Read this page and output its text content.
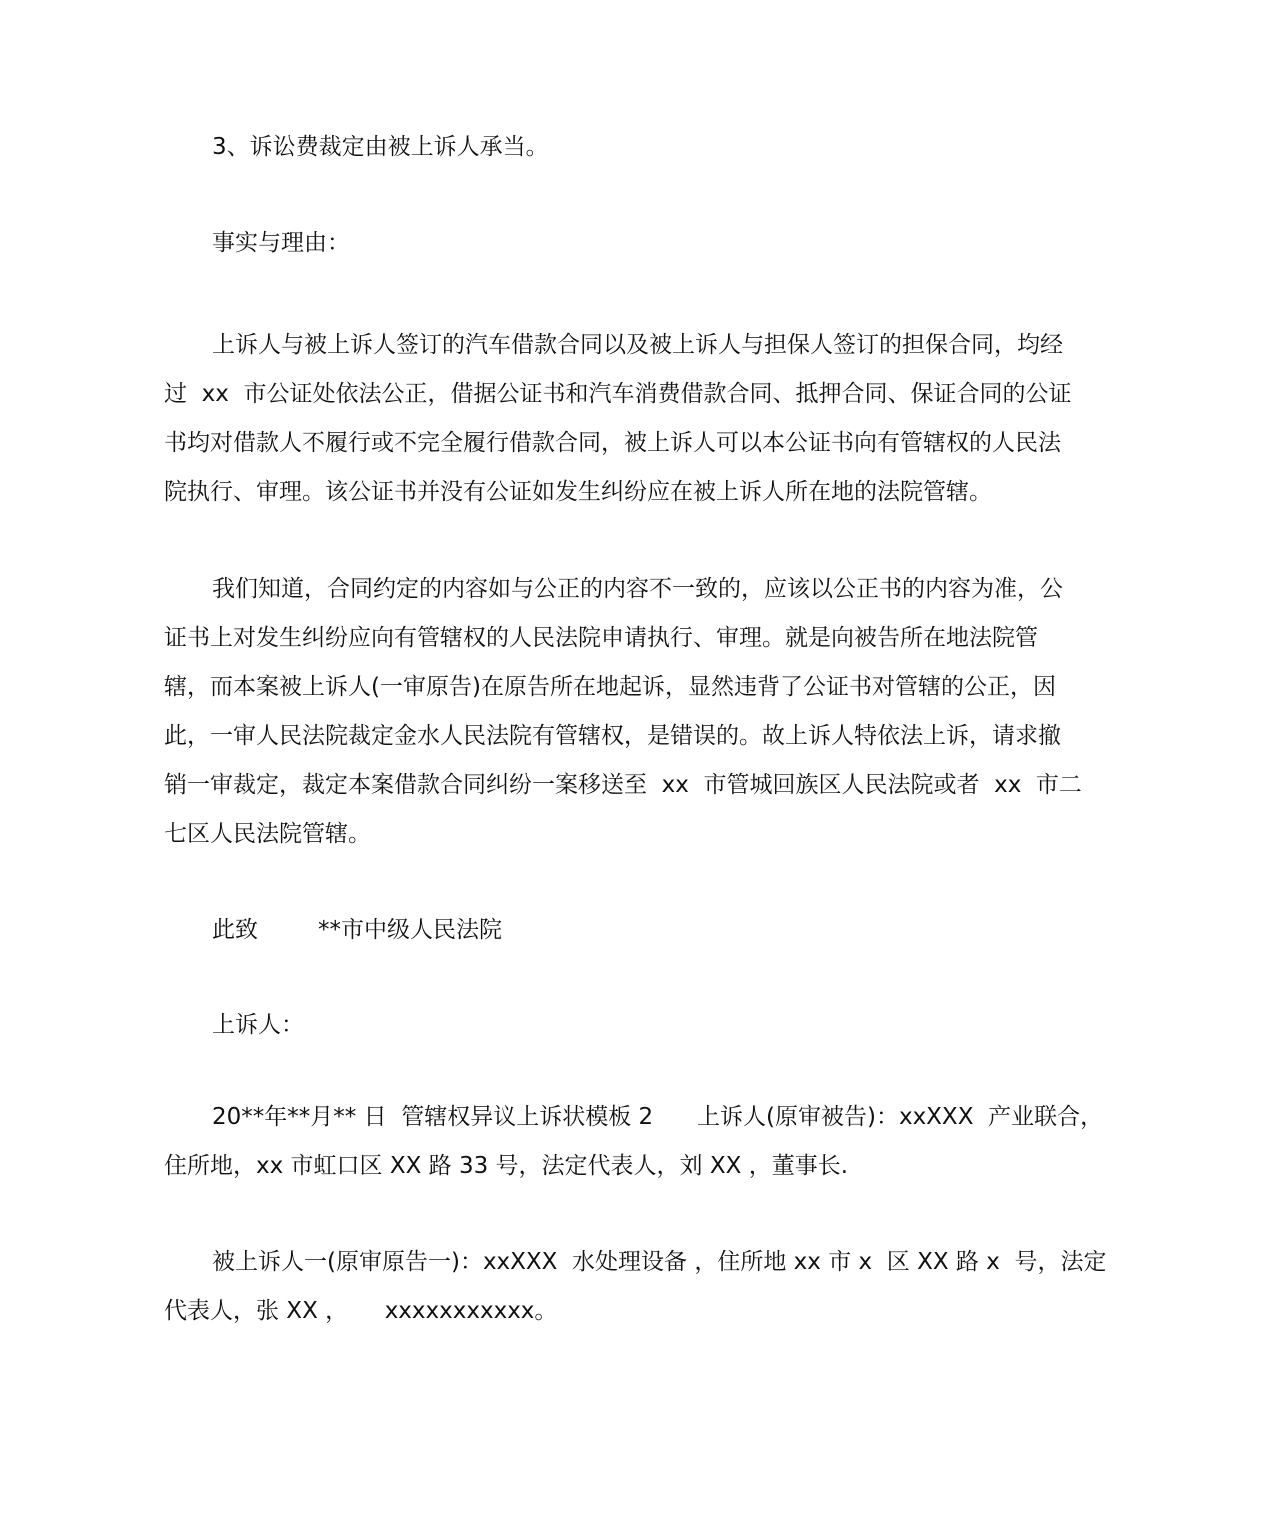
3、诉讼费裁定由被上诉人承当。
事实与理由：
上诉人与被上诉人签订的汽车借款合同以及被上诉人与担保人签订的担保合同，均经
过  xx  市公证处依法公正，借据公证书和汽车消费借款合同、抵押合同、保证合同的公证
书均对借款人不履行或不完全履行借款合同，被上诉人可以本公证书向有管辖权的人民法
院执行、审理。该公证书并没有公证如发生纠纷应在被上诉人所在地的法院管辖。
我们知道，合同约定的内容如与公正的内容不一致的，应该以公正书的内容为准，公
证书上对发生纠纷应向有管辖权的人民法院申请执行、审理。就是向被告所在地法院管
辖，而本案被上诉人(一审原告)在原告所在地起诉，显然违背了公证书对管辖的公正，因
此，一审人民法院裁定金水人民法院有管辖权，是错误的。故上诉人特依法上诉，请求撤
销一审裁定，裁定本案借款合同纠纷一案移送至  xx  市管城回族区人民法院或者  xx  市二
七区人民法院管辖。
此致	**市中级人民法院
上诉人：
20**年**月** 日  管辖权异议上诉状模板 2      上诉人(原审被告)：xxXXX  产业联合，
住所地，xx 市虹口区 XX 路 33 号，法定代表人，刘 XX ，董事长.
被上诉人一(原审原告一)：xxXXX  水处理设备 ，住所地 xx 市 x  区 XX 路 x  号，法定
代表人，张 XX ，     xxxxxxxxxxx。
